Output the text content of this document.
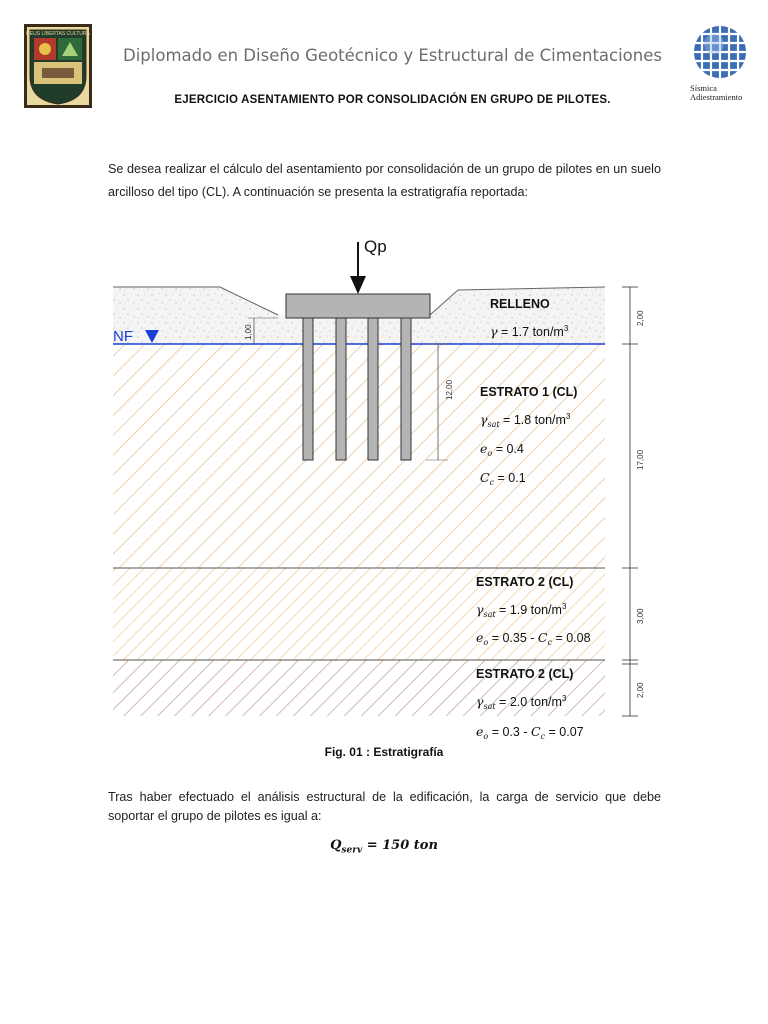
DEUS LIBERTAS CULTURA
Diplomado en Diseño Geotécnico y Estructural de Cimentaciones
Sísmica
Adiestramiento
EJERCICIO ASENTAMIENTO POR CONSOLIDACIÓN EN GRUPO DE PILOTES.
Se desea realizar el cálculo del asentamiento por consolidación de un grupo de pilotes en un suelo arcilloso del tipo (CL). A continuación se presenta la estratigrafía reportada:
NF	1,00
Qp
12,00
2,00
17,00
3,00
2,00
RELLENO
γ = 1.7 ton/$m^3$
ESTRATO 1 (CL)
$\gamma_{sat} = 1.8$ ton/$m^3$
$e_o = 0.4$
$C_c = 0.1$
ESTRATO 2 (CL)
$\gamma_{sat} = 1.9$ ton/$m^3$
$e_o = 0.35 - C_c = 0.08$
ESTRATO 2 (CL)
$\gamma_{sat} = 2.0$ ton/$m^3$
$e_o = 0.3 - C_c = 0.07$
Fig. 01 : Estratigrafía
Tras haber efectuado el análisis estructural de la edificación, la carga de servicio que debe soportar el grupo de pilotes es igual a:
$Q_{serv} = 150$ ton
